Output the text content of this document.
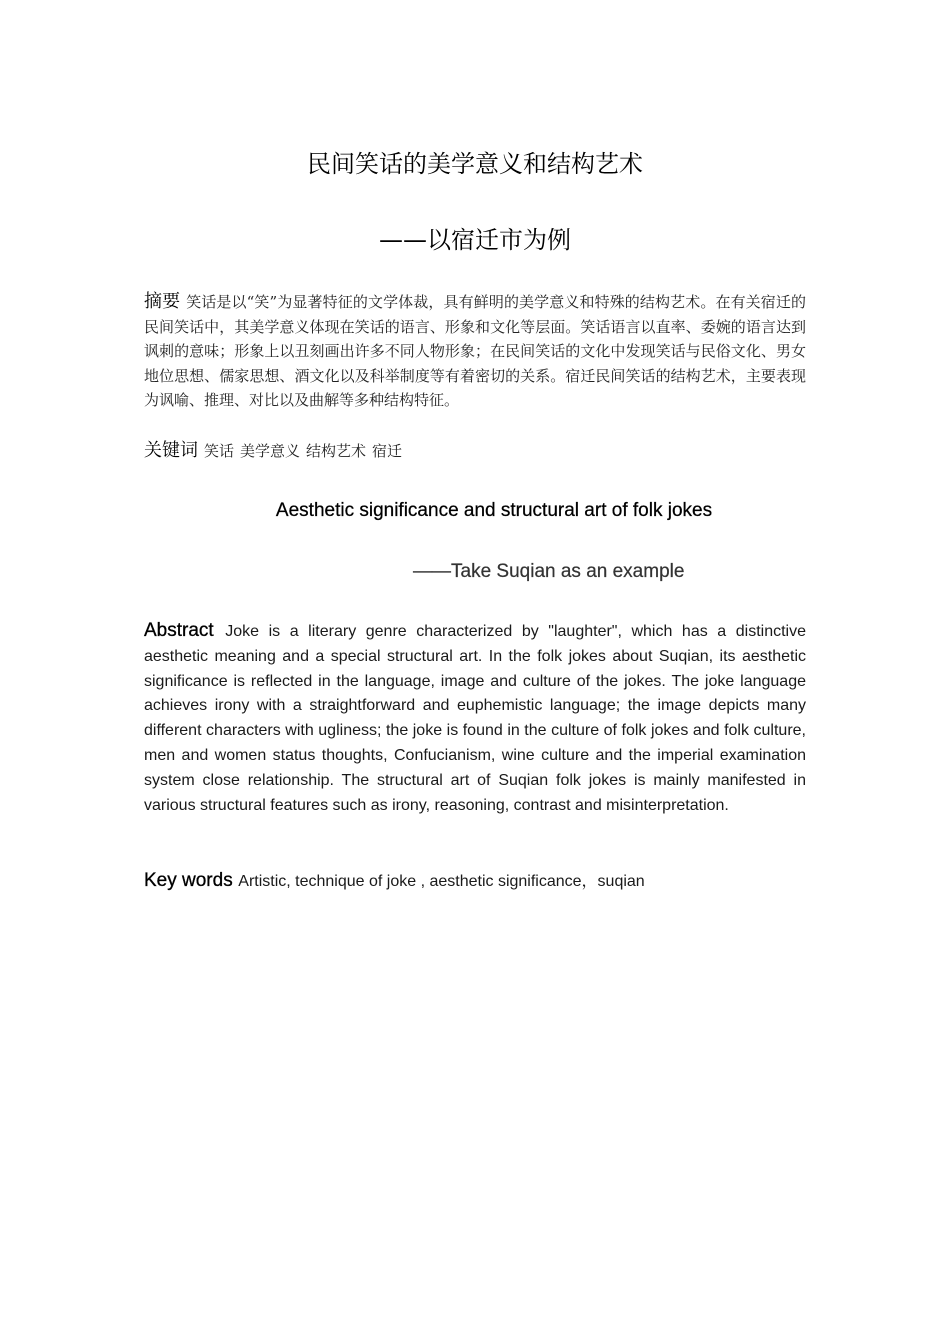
民间笑话的美学意义和结构艺术
——以宿迁市为例

摘要 笑话是以“笑”为显著特征的文学体裁，具有鲜明的美学意义和特殊的结构艺术。在有关宿迁的民间笑话中，其美学意义体现在笑话的语言、形象和文化等层面。笑话语言以直率、委婉的语言达到讽刺的意味；形象上以丑刻画出许多不同人物形象；在民间笑话的文化中发现笑话与民俗文化、男女地位思想、儒家思想、酒文化以及科举制度等有着密切的关系。宿迁民间笑话的结构艺术，主要表现为讽喻、推理、对比以及曲解等多种结构特征。

关键词 笑话 美学意义 结构艺术 宿迁

Aesthetic significance and structural art of folk jokes
——Take Suqian as an example

Abstract Joke is a literary genre characterized by "laughter", which has a distinctive aesthetic meaning and a special structural art. In the folk jokes about Suqian, its aesthetic significance is reflected in the language, image and culture of the jokes. The joke language achieves irony with a straightforward and euphemistic language; the image depicts many different characters with ugliness; the joke is found in the culture of folk jokes and folk culture, men and women status thoughts, Confucianism, wine culture and the imperial examination system close relationship. The structural art of Suqian folk jokes is mainly manifested in various structural features such as irony, reasoning, contrast and misinterpretation.

Key words Artistic, technique of joke , aesthetic significance，suqian
